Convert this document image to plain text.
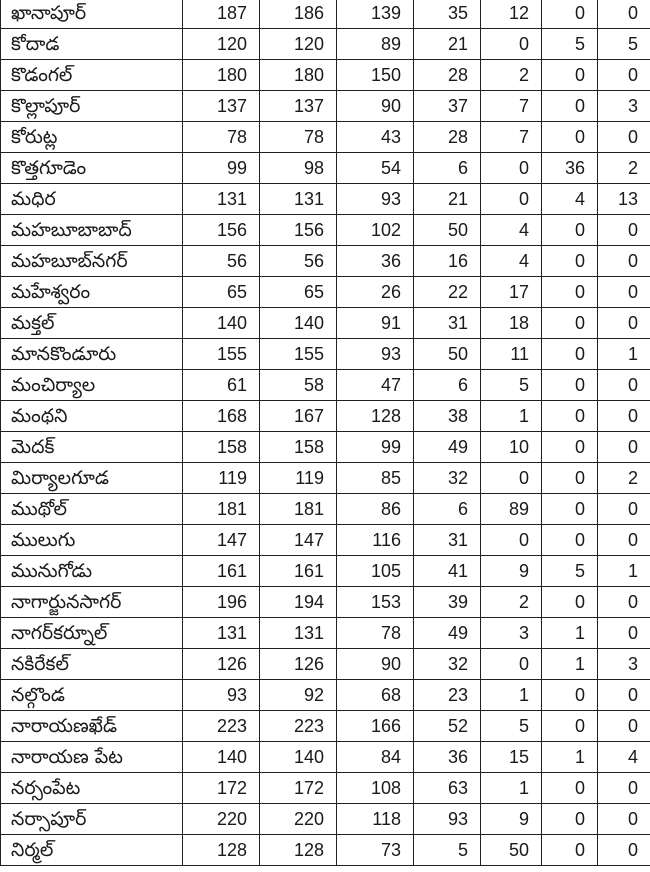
ఖానాపూర్	187	186	139	35	12	0	0
కోదాడ	120	120	89	21	0	5	5
కొడంగల్	180	180	150	28	2	0	0
కొల్లాపూర్	137	137	90	37	7	0	3
కోరుట్ల	78	78	43	28	7	0	0
కొత్తగూడెం	99	98	54	6	0	36	2
మధిర	131	131	93	21	0	4	13
మహబూబాబాద్	156	156	102	50	4	0	0
మహబూబ్‌నగర్	56	56	36	16	4	0	0
మహేశ్వరం	65	65	26	22	17	0	0
మక్తల్	140	140	91	31	18	0	0
మానకొండూరు	155	155	93	50	11	0	1
మంచిర్యాల	61	58	47	6	5	0	0
మంథని	168	167	128	38	1	0	0
మెదక్	158	158	99	49	10	0	0
మిర్యాలగూడ	119	119	85	32	0	0	2
ముథోల్	181	181	86	6	89	0	0
ములుగు	147	147	116	31	0	0	0
మునుగోడు	161	161	105	41	9	5	1
నాగార్జునసాగర్	196	194	153	39	2	0	0
నాగర్‌కర్నూల్	131	131	78	49	3	1	0
నకిరేకల్	126	126	90	32	0	1	3
నల్గొండ	93	92	68	23	1	0	0
నారాయణఖేడ్	223	223	166	52	5	0	0
నారాయణ పేట	140	140	84	36	15	1	4
నర్సంపేట	172	172	108	63	1	0	0
నర్సాపూర్	220	220	118	93	9	0	0
నిర్మల్	128	128	73	5	50	0	0
